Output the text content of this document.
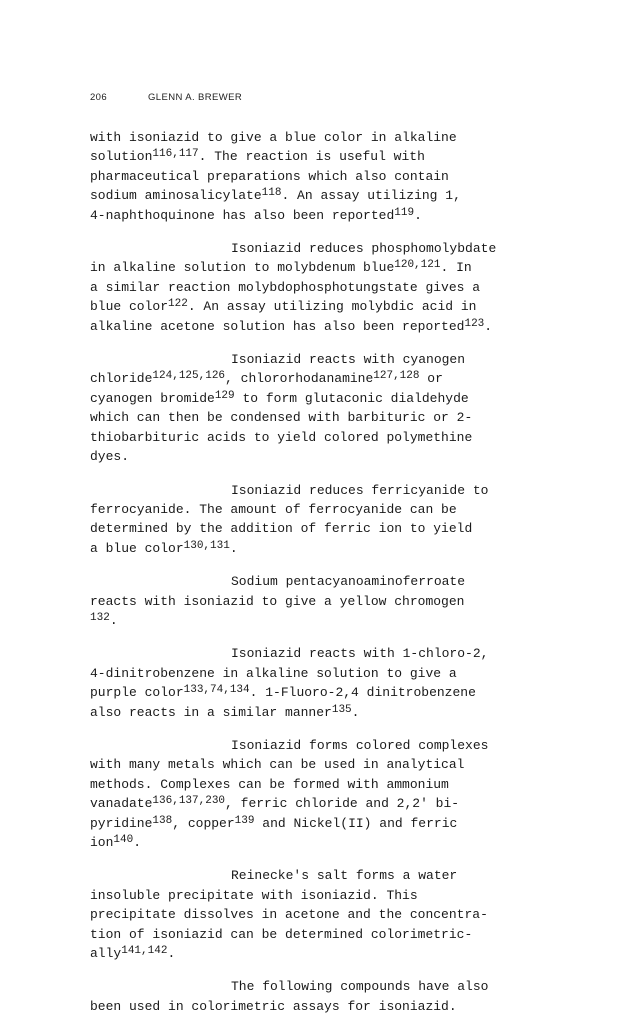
206	GLENN A. BREWER
with isoniazid to give a blue color in alkaline
solution$^{116,117}$. The reaction is useful with
pharmaceutical preparations which also contain
sodium aminosalicylate$^{118}$. An assay utilizing 1,
4-naphthoquinone has also been reported$^{119}$.
Isoniazid reduces phosphomolybdate
in alkaline solution to molybdenum blue$^{120,121}$. In
a similar reaction molybdophosphotungstate gives a
blue color$^{122}$. An assay utilizing molybdic acid in
alkaline acetone solution has also been reported$^{123}$.
Isoniazid reacts with cyanogen
chloride$^{124,125,126}$, chlororhodanamine$^{127,128}$ or
cyanogen bromide$^{129}$ to form glutaconic dialdehyde
which can then be condensed with barbituric or 2-
thiobarbituric acids to yield colored polymethine
dyes.
Isoniazid reduces ferricyanide to
ferrocyanide. The amount of ferrocyanide can be
determined by the addition of ferric ion to yield
a blue color$^{130,131}$.
Sodium pentacyanoaminoferroate
reacts with isoniazid to give a yellow chromogen
$^{132}$.
Isoniazid reacts with 1-chloro-2,
4-dinitrobenzene in alkaline solution to give a
purple color$^{133,74,134}$. 1-Fluoro-2,4 dinitrobenzene
also reacts in a similar manner$^{135}$.
Isoniazid forms colored complexes
with many metals which can be used in analytical
methods. Complexes can be formed with ammonium
vanadate$^{136,137,230}$, ferric chloride and 2,2' bi-
pyridine$^{138}$, copper$^{139}$ and Nickel(II) and ferric
ion$^{140}$.
Reinecke's salt forms a water
insoluble precipitate with isoniazid. This
precipitate dissolves in acetone and the concentra-
tion of isoniazid can be determined colorimetric-
ally$^{141,142}$.
The following compounds have also
been used in colorimetric assays for isoniazid.
